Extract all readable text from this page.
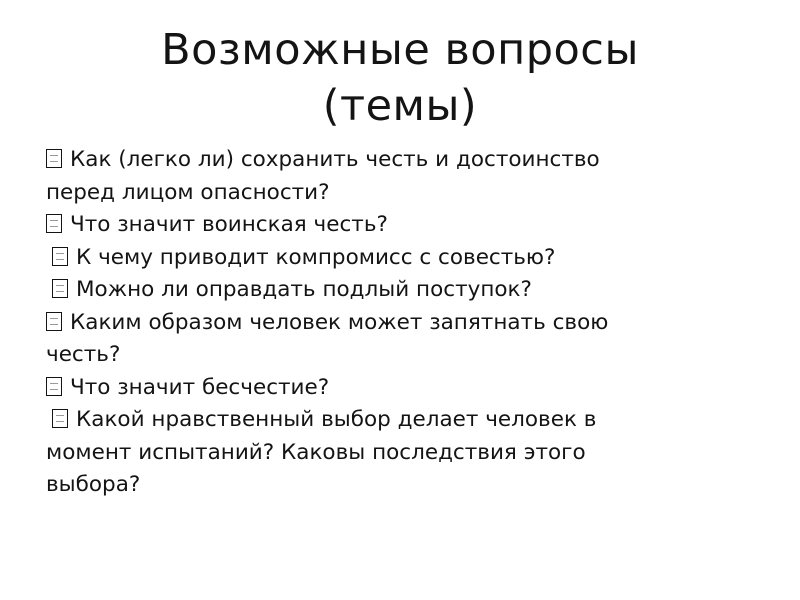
Возможные вопросы
(темы)
Как (легко ли) сохранить честь и достоинство
перед лицом опасности?
Что значит воинская честь?
К чему приводит компромисс с совестью?
Можно ли оправдать подлый поступок?
Каким образом человек может запятнать свою
честь?
Что значит бесчестие?
Какой нравственный выбор делает человек в
момент испытаний? Каковы последствия этого
выбора?
